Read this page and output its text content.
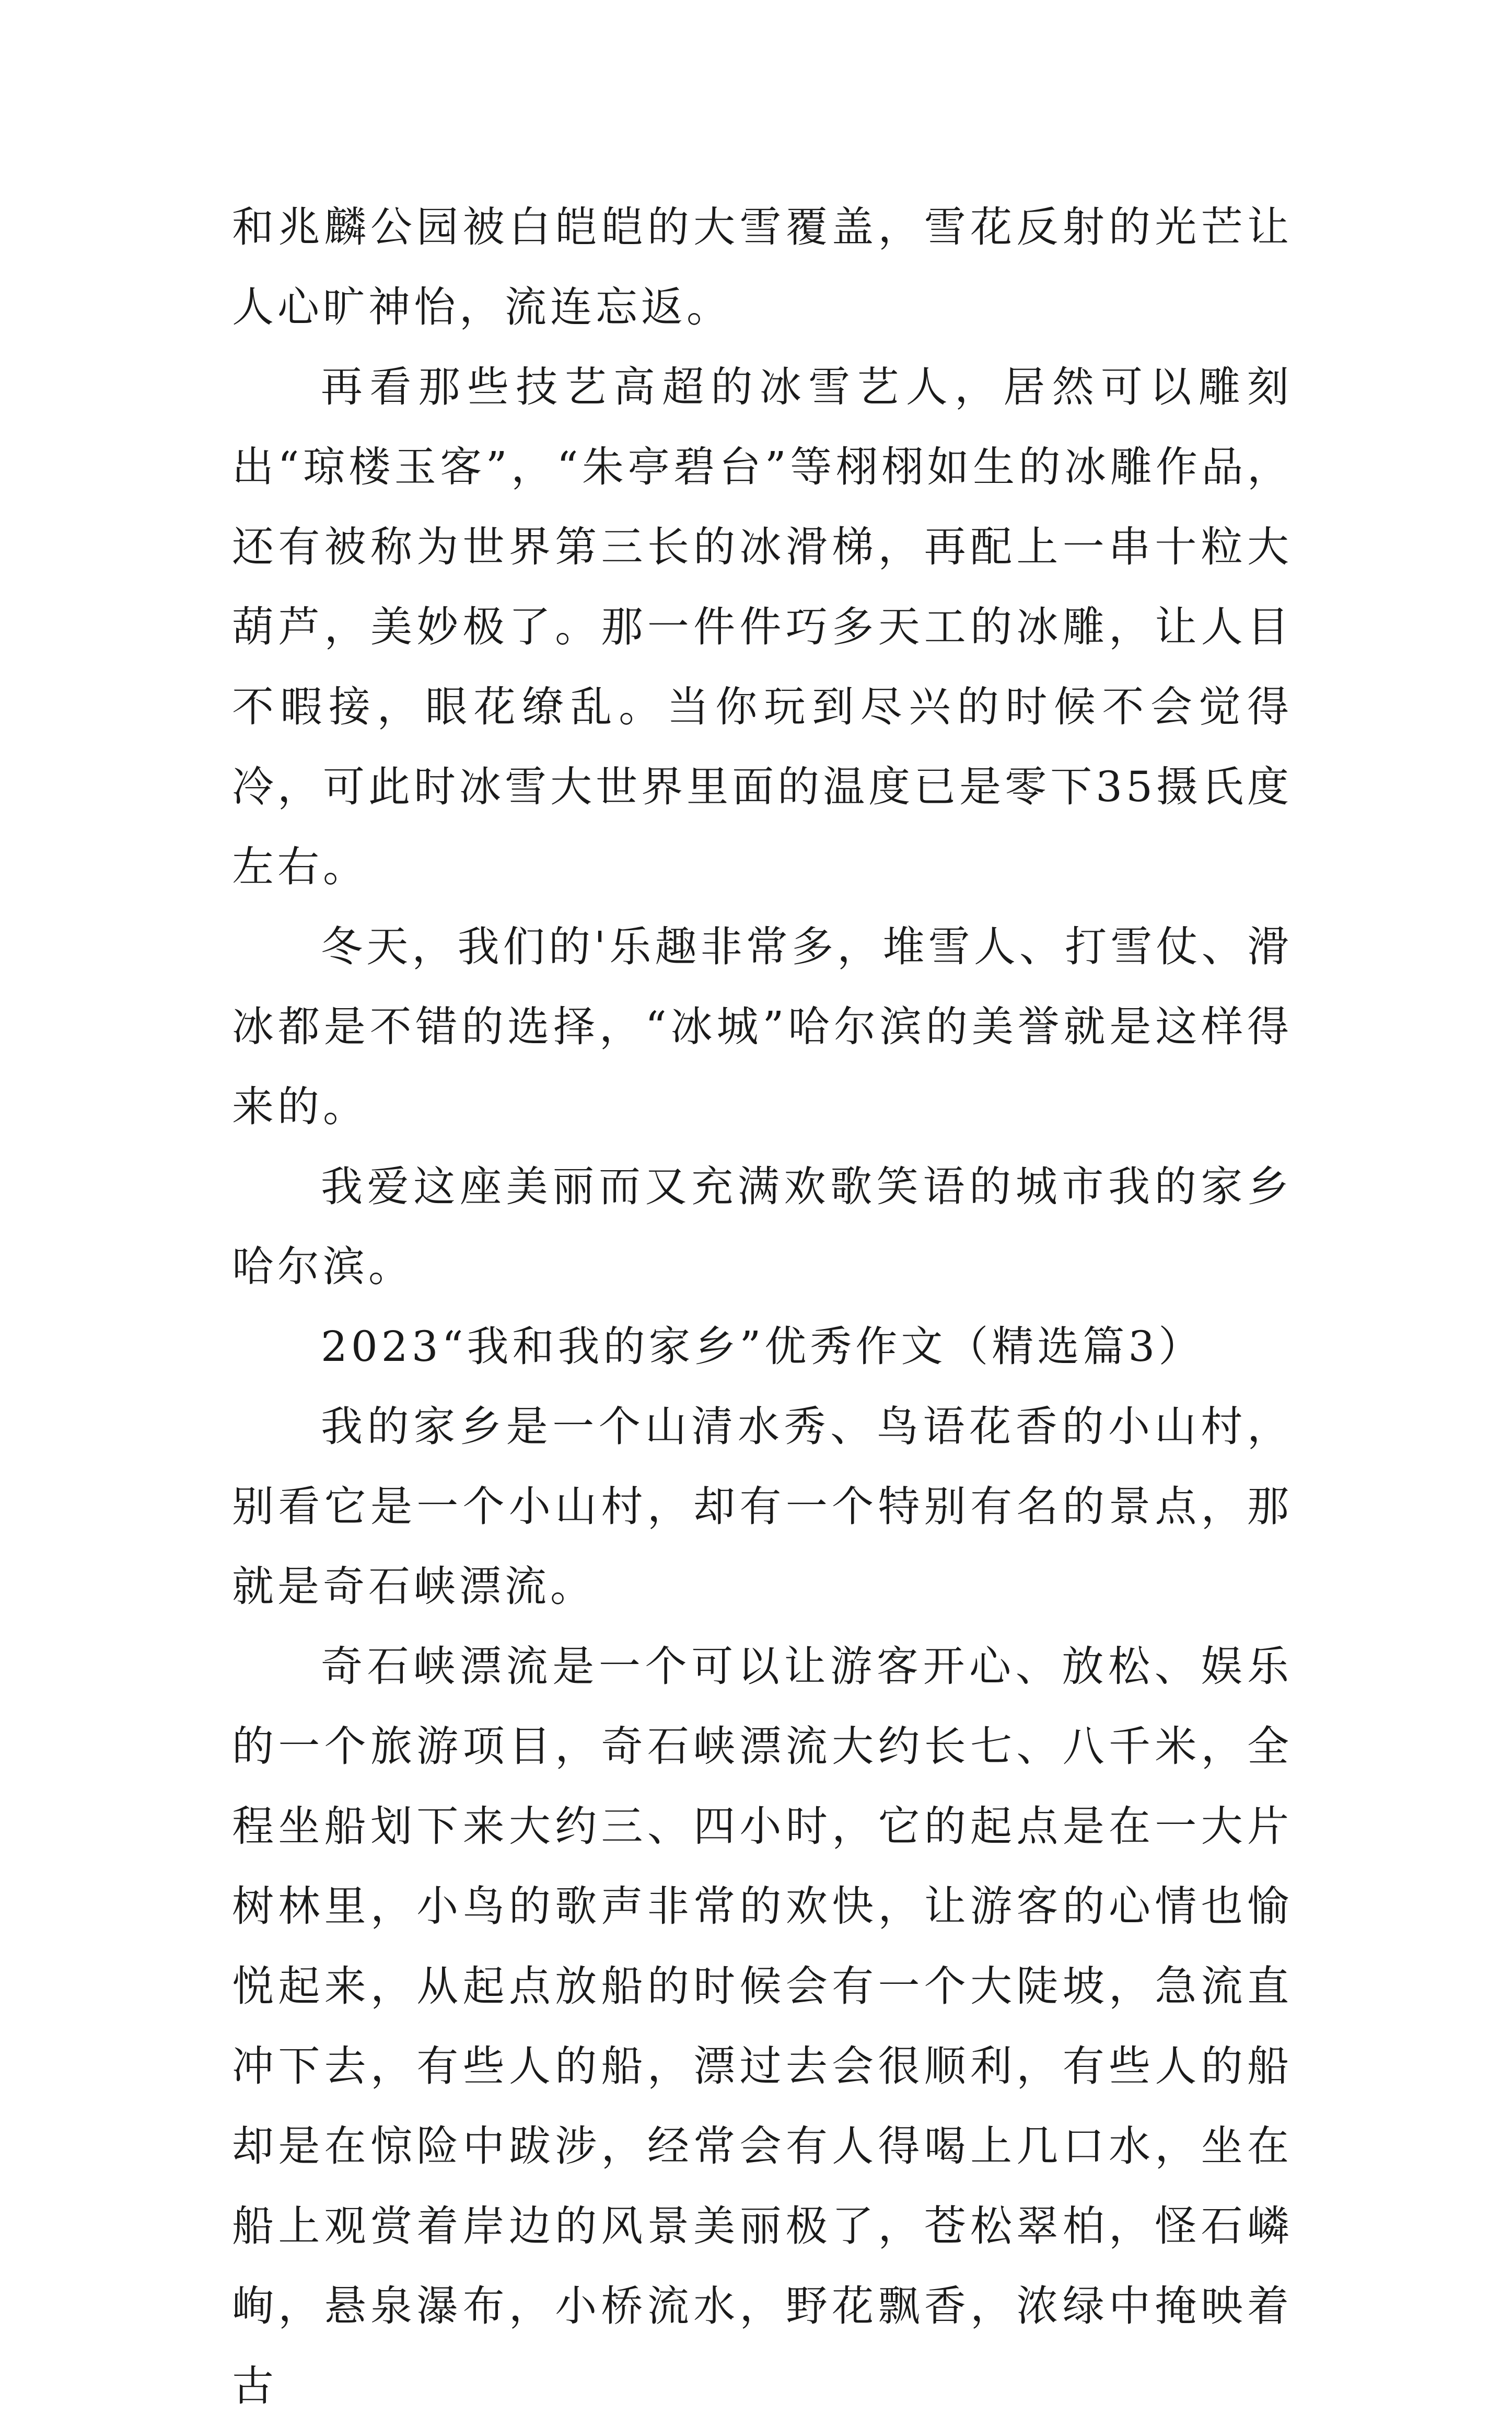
和兆麟公园被白皑皑的大雪覆盖，雪花反射的光芒让人心旷神怡，流连忘返。

再看那些技艺高超的冰雪艺人，居然可以雕刻出“琼楼玉客”，“朱亭碧台”等栩栩如生的冰雕作品，还有被称为世界第三长的冰滑梯，再配上一串十粒大葫芦，美妙极了。那一件件巧多天工的冰雕，让人目不暇接，眼花缭乱。当你玩到尽兴的时候不会觉得冷，可此时冰雪大世界里面的温度已是零下35摄氏度左右。

冬天，我们的'乐趣非常多，堆雪人、打雪仗、滑冰都是不错的选择，“冰城”哈尔滨的美誉就是这样得来的。

我爱这座美丽而又充满欢歌笑语的城市我的家乡哈尔滨。

2023“我和我的家乡”优秀作文（精选篇3）

我的家乡是一个山清水秀、鸟语花香的小山村，别看它是一个小山村，却有一个特别有名的景点，那就是奇石峡漂流。

奇石峡漂流是一个可以让游客开心、放松、娱乐的一个旅游项目，奇石峡漂流大约长七、八千米，全程坐船划下来大约三、四小时，它的起点是在一大片树林里，小鸟的歌声非常的欢快，让游客的心情也愉悦起来，从起点放船的时候会有一个大陡坡，急流直冲下去，有些人的船，漂过去会很顺利，有些人的船却是在惊险中跋涉，经常会有人得喝上几口水，坐在船上观赏着岸边的风景美丽极了，苍松翠柏，怪石嶙峋，悬泉瀑布，小桥流水，野花飘香，浓绿中掩映着古
